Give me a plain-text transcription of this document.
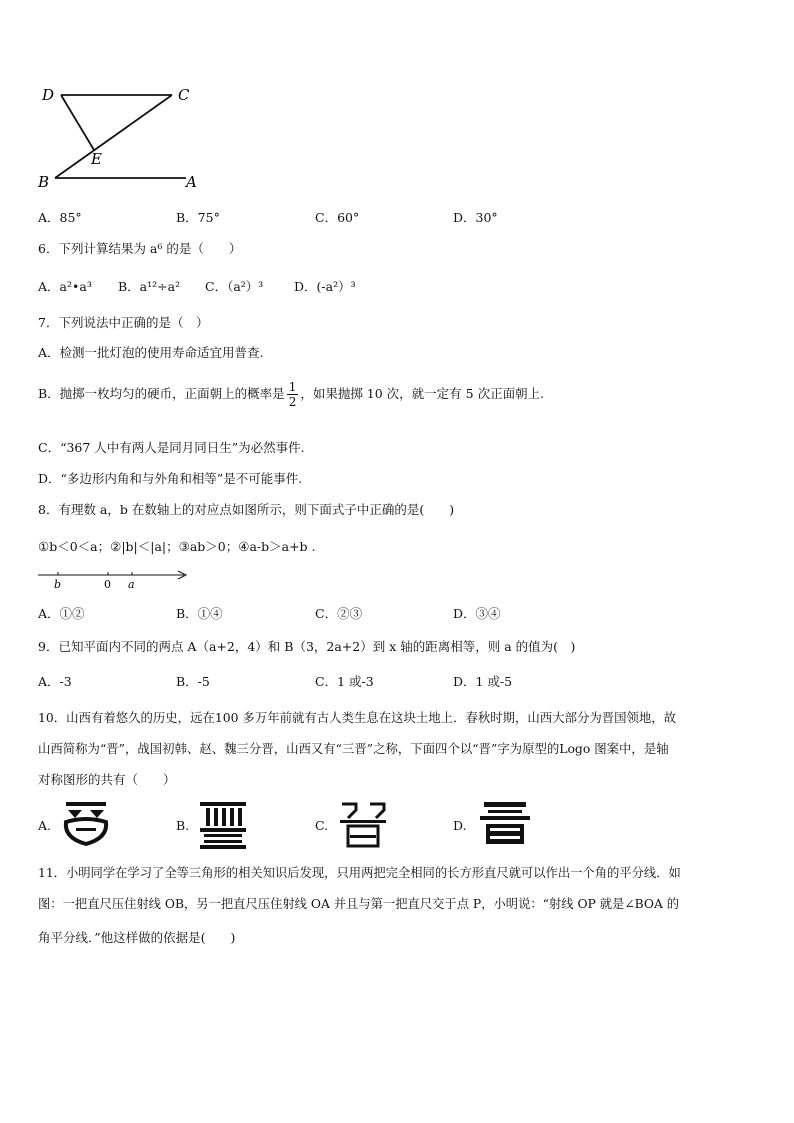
D	C
E
B	A
A．85°	B．75°	C．60°	D．30°
6．下列计算结果为 a⁶ 的是（　　）
A．a²•a³ B．a¹²÷a² C．（a²）³ D．(-a²）³
7．下列说法中正确的是（　）
A．检测一批灯泡的使用寿命适宜用普查.
B．抛掷一枚均匀的硬币，正面朝上的概率是 $\frac{1}{2}$ ，如果抛掷 10 次，就一定有 5 次正面朝上.
C．“367 人中有两人是同月同日生”为必然事件.
D．“多边形内角和与外角和相等”是不可能事件.
8．有理数 a，b 在数轴上的对应点如图所示，则下面式子中正确的是(　　)
①b＜0＜a；②|b|＜|a|；③ab＞0；④a-b＞a+b .
b	0 a
A．①②	B．①④	C．②③	D．③④
9．已知平面内不同的两点 A（a+2，4）和 B（3，2a+2）到 x 轴的距离相等，则 a 的值为(　)
A．-3	B．-5	C．1 或-3	D．1 或-5
10．山西有着悠久的历史，远在100 多万年前就有古人类生息在这块土地上．春秋时期，山西大部分为晋国领地，故
山西简称为“晋”，战国初韩、赵、魏三分晋，山西又有“三晋”之称，下面四个以“晋”字为原型的Logo 图案中，是轴
对称图形的共有（　　）
A.	B.	C.	D.
11．小明同学在学习了全等三角形的相关知识后发现，只用两把完全相同的长方形直尺就可以作出一个角的平分线．如
图：一把直尺压住射线 OB，另一把直尺压住射线 OA 并且与第一把直尺交于点 P，小明说：“射线 OP 就是∠BOA 的
角平分线．”他这样做的依据是(　　)
